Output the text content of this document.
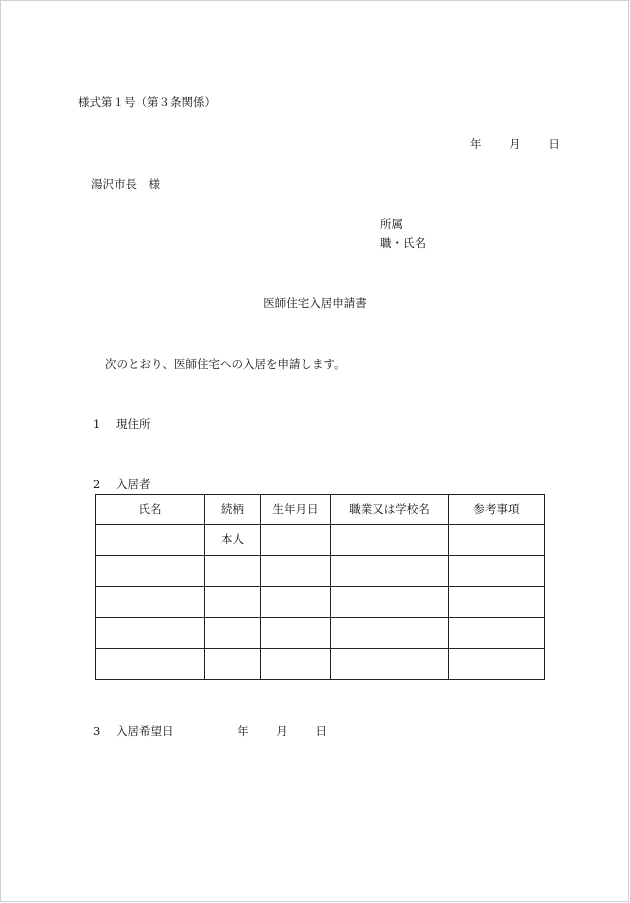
様式第１号（第３条関係）
年 月 日
湯沢市長　様
所属
職・氏名
医師住宅入居申請書
次のとおり、医師住宅への入居を申請します。
1 現住所
2 入居者
氏名	続柄	生年月日	職業又は学校名	参考事項
	本人			

3 入居希望日	年 月 日
